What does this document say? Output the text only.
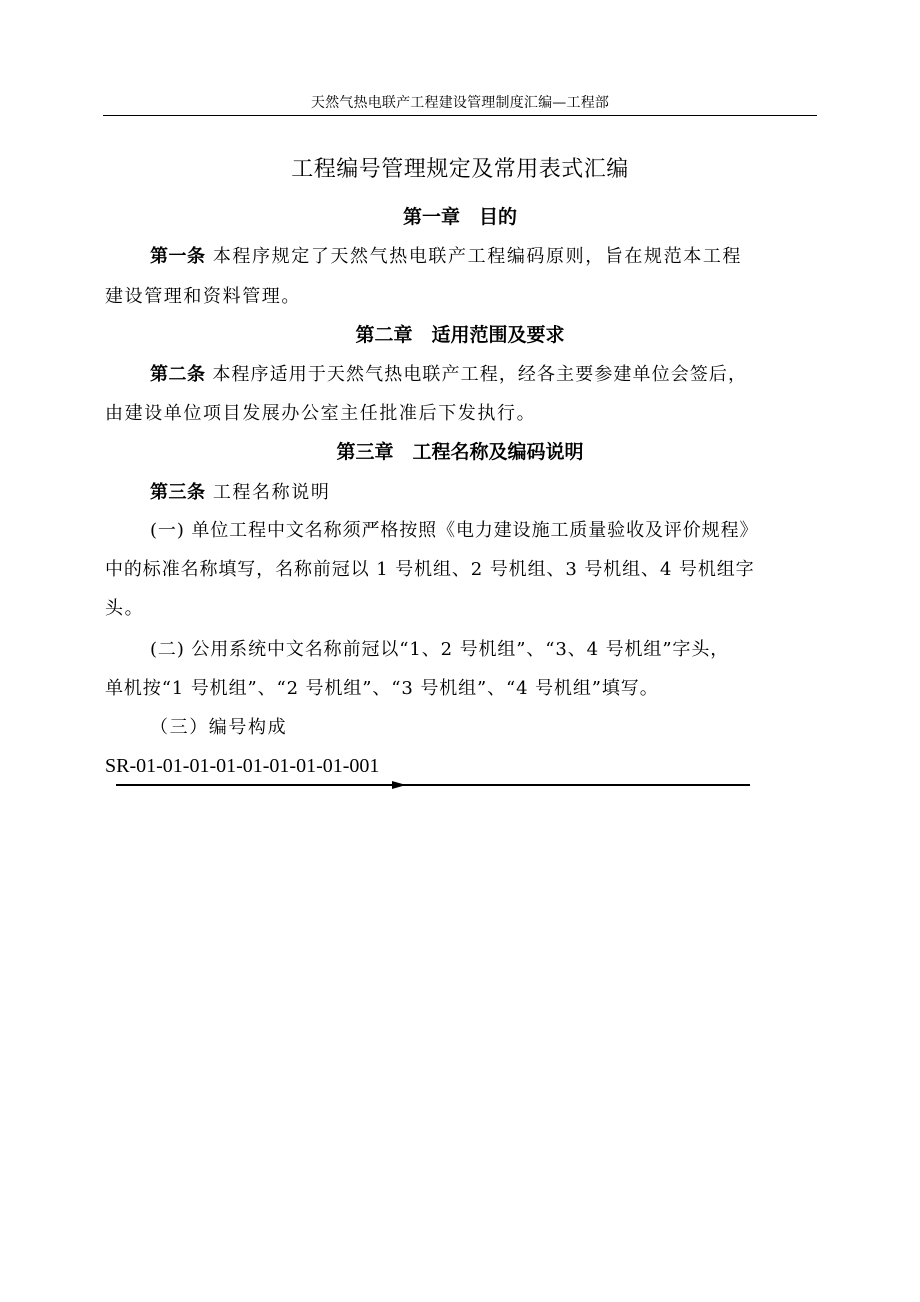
天然气热电联产工程建设管理制度汇编—工程部
工程编号管理规定及常用表式汇编
第一章　目的
第一条 本程序规定了天然气热电联产工程编码原则，旨在规范本工程
建设管理和资料管理。
第二章　适用范围及要求
第二条 本程序适用于天然气热电联产工程，经各主要参建单位会签后，
由建设单位项目发展办公室主任批准后下发执行。
第三章　工程名称及编码说明
第三条 工程名称说明
(一) 单位工程中文名称须严格按照《电力建设施工质量验收及评价规程》
中的标准名称填写，名称前冠以 1 号机组、2 号机组、3 号机组、4 号机组字
头。
(二) 公用系统中文名称前冠以“1、2 号机组”、“3、4 号机组”字头，
单机按“1 号机组”、“2 号机组”、“3 号机组”、“4 号机组”填写。
（三）编号构成
SR-01-01-01-01-01-01-01-01-001
